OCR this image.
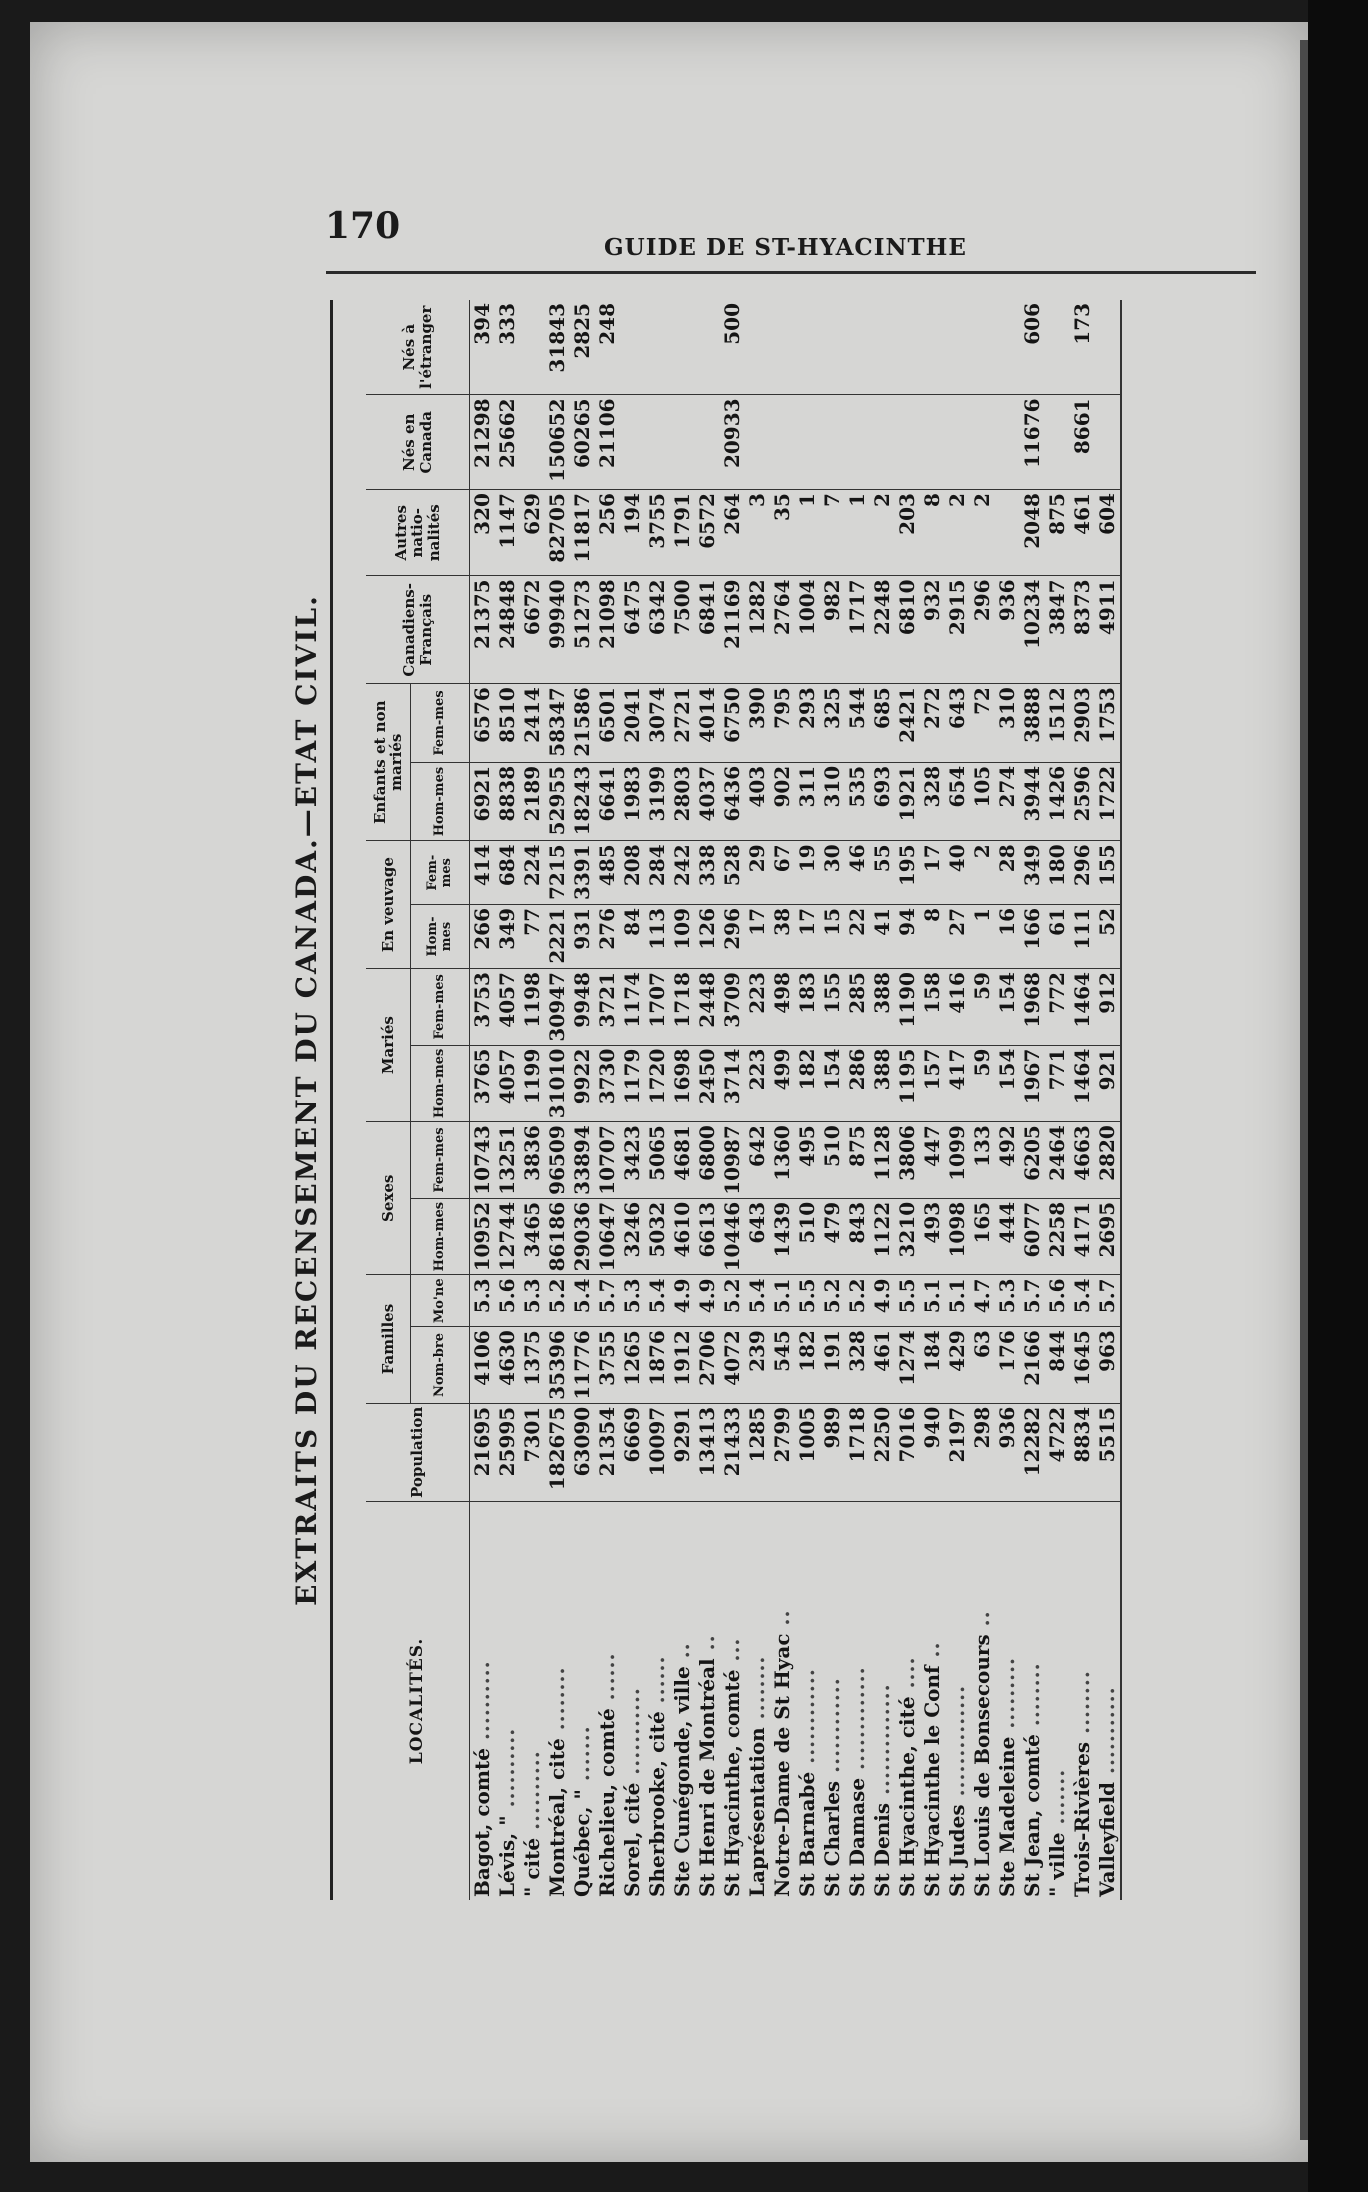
170
GUIDE DE ST-HYACINTHE
EXTRAITS DU RECENSEMENT DU CANADA.—ETAT CIVIL.
LOCALITÉS.	Population	Familles		Sexes		Mariés		En veuvage		Enfants et non mariés		Canadiens-Français	Autres natio-nalités	Nés en Canada	Nés à l'étranger
		Nom-bre	Mo'ne	Hom-mes	Fem-mes	Hom-mes	Fem-mes	Hom-mes	Fem-mes	Hom-mes	Fem-mes				
Bagot, comté ..........	21695	4106	5.3	10952	10743	3765	3753	266	414	6921	6576	21375	320	21298	394
Lévis, " ..........	25995	4630	5.6	12744	13251	4057	4057	349	684	8838	8510	24848	1147	25662	333
" cité ..........	7301	1375	5.3	3465	3836	1199	1198	77	224	2189	2414	6672	629		
Montréal, cité ........	182675	35396	5.2	86186	96509	31010	30947	2221	7215	52955	58347	99940	82705	150652	31843
Québec, " .......	63090	11776	5.4	29036	33894	9922	9948	931	3391	18243	21586	51273	11817	60265	2825
Richelieu, comté ......	21354	3755	5.7	10647	10707	3730	3721	276	485	6641	6501	21098	256	21106	248
Sorel, cité ...........	6669	1265	5.3	3246	3423	1179	1174	84	208	1983	2041	6475	194		
Sherbrooke, cité ......	10097	1876	5.4	5032	5065	1720	1707	113	284	3199	3074	6342	3755		
Ste Cunégonde, ville ..	9291	1912	4.9	4610	4681	1698	1718	109	242	2803	2721	7500	1791		
St Henri de Montréal ..	13413	2706	4.9	6613	6800	2450	2448	126	338	4037	4014	6841	6572		
St Hyacinthe, comté ...	21433	4072	5.2	10446	10987	3714	3709	296	528	6436	6750	21169	264	20933	500
Laprésentation ........	1285	239	5.4	643	642	223	223	17	29	403	390	1282	3		
Notre-Dame de St Hyac ..	2799	545	5.1	1439	1360	499	498	38	67	902	795	2764	35		
St Barnabé ............	1005	182	5.5	510	495	182	183	17	19	311	293	1004	1		
St Charles ............	989	191	5.2	479	510	154	155	15	30	310	325	982	7		
St Damase .............	1718	328	5.2	843	875	286	285	22	46	535	544	1717	1		
St Denis ..............	2250	461	4.9	1122	1128	388	388	41	55	693	685	2248	2		
St Hyacinthe, cité ....	7016	1274	5.5	3210	3806	1195	1190	94	195	1921	2421	6810	203		
St Hyacinthe le Conf ..	940	184	5.1	493	447	157	158	8	17	328	272	932	8		
St Judes ..............	2197	429	5.1	1098	1099	417	416	27	40	654	643	2915	2		
St Louis de Bonsecours ..	298	63	4.7	165	133	59	59	1	2	105	72	296	2		
Ste Madeleine .........	936	176	5.3	444	492	154	154	16	28	274	310	936			
St Jean, comté ........	12282	2166	5.7	6077	6205	1967	1968	166	349	3944	3888	10234	2048	11676	606
" ville .......	4722	844	5.6	2258	2464	771	772	61	180	1426	1512	3847	875		
Trois-Rivières ........	8834	1645	5.4	4171	4663	1464	1464	111	296	2596	2903	8373	461	8661	173
Valleyfield ...........	5515	963	5.7	2695	2820	921	912	52	155	1722	1753	4911	604		
